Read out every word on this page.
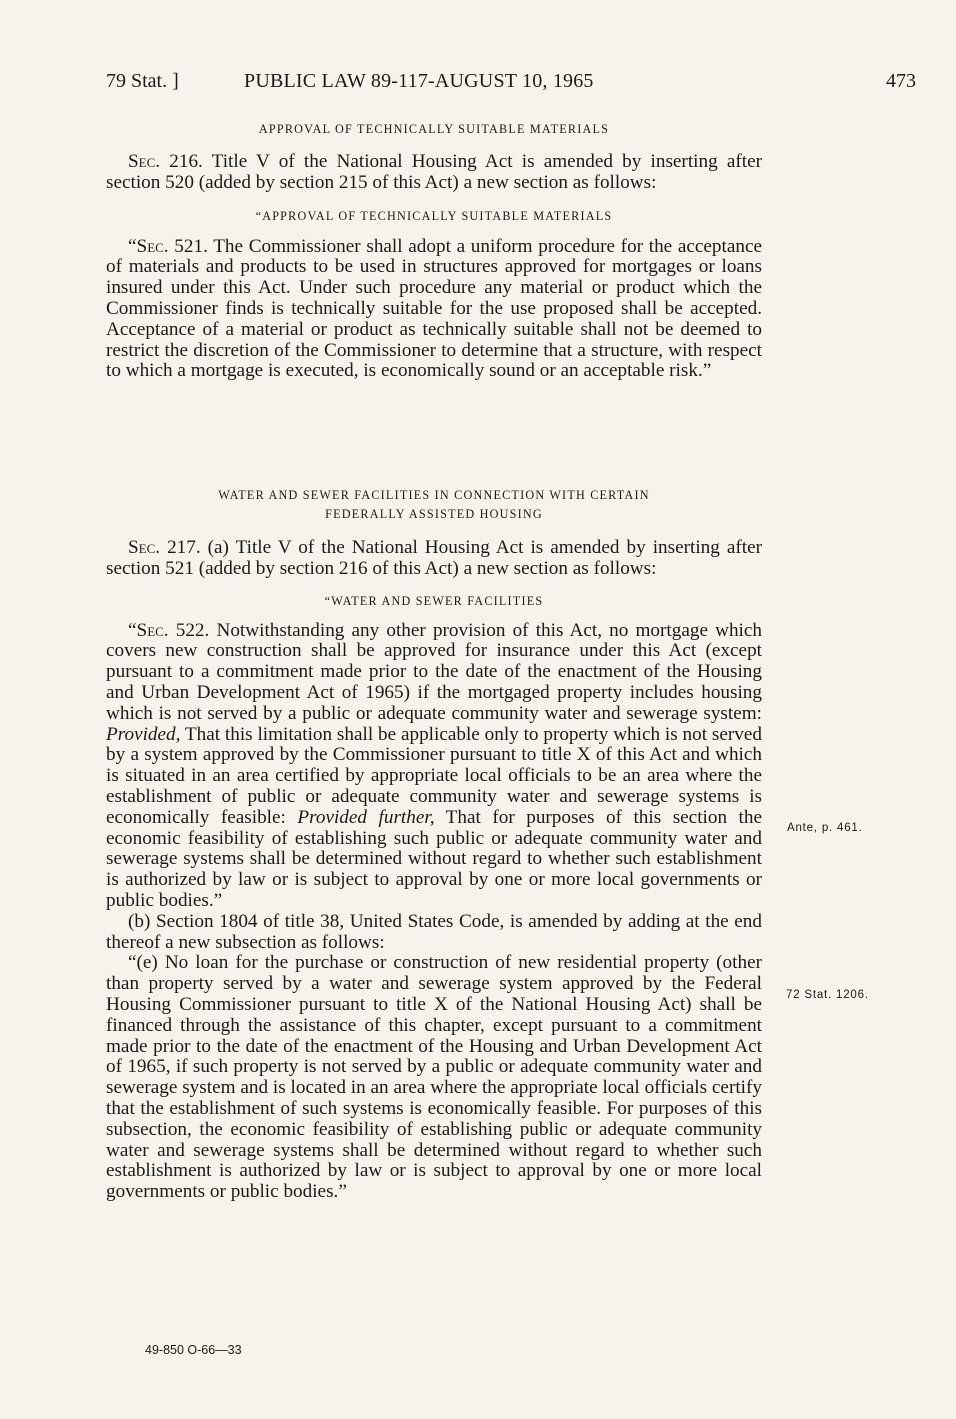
79 Stat. ]	PUBLIC LAW 89-117-AUGUST 10, 1965	473
APPROVAL OF TECHNICALLY SUITABLE MATERIALS

Sec. 216. Title V of the National Housing Act is amended by inserting after section 520 (added by section 215 of this Act) a new section as follows:

“APPROVAL OF TECHNICALLY SUITABLE MATERIALS

“Sec. 521. The Commissioner shall adopt a uniform procedure for the acceptance of materials and products to be used in structures approved for mortgages or loans insured under this Act. Under such procedure any material or product which the Commissioner finds is technically suitable for the use proposed shall be accepted. Acceptance of a material or product as technically suitable shall not be deemed to restrict the discretion of the Commissioner to determine that a structure, with respect to which a mortgage is executed, is economically sound or an acceptable risk.”

WATER AND SEWER FACILITIES IN CONNECTION WITH CERTAIN
FEDERALLY ASSISTED HOUSING

Sec. 217. (a) Title V of the National Housing Act is amended by inserting after section 521 (added by section 216 of this Act) a new section as follows:

“WATER AND SEWER FACILITIES

“Sec. 522. Notwithstanding any other provision of this Act, no mortgage which covers new construction shall be approved for insurance under this Act (except pursuant to a commitment made prior to the date of the enactment of the Housing and Urban Development Act of 1965) if the mortgaged property includes housing which is not served by a public or adequate community water and sewerage system: Provided, That this limitation shall be applicable only to property which is not served by a system approved by the Commissioner pursuant to title X of this Act and which is situated in an area certified by appropriate local officials to be an area where the establishment of public or adequate community water and sewerage systems is economically feasible: Provided further, That for purposes of this section the economic feasibility of establishing such public or adequate community water and sewerage systems shall be determined without regard to whether such establishment is authorized by law or is subject to approval by one or more local governments or public bodies.”

(b) Section 1804 of title 38, United States Code, is amended by adding at the end thereof a new subsection as follows:

“(e) No loan for the purchase or construction of new residential property (other than property served by a water and sewerage system approved by the Federal Housing Commissioner pursuant to title X of the National Housing Act) shall be financed through the assistance of this chapter, except pursuant to a commitment made prior to the date of the enactment of the Housing and Urban Development Act of 1965, if such property is not served by a public or adequate community water and sewerage system and is located in an area where the appropriate local officials certify that the establishment of such systems is economically feasible. For purposes of this subsection, the economic feasibility of establishing public or adequate community water and sewerage systems shall be determined without regard to whether such establishment is authorized by law or is subject to approval by one or more local governments or public bodies.”

Ante, p. 461.
72 Stat. 1206.
49-850 O-66—33
